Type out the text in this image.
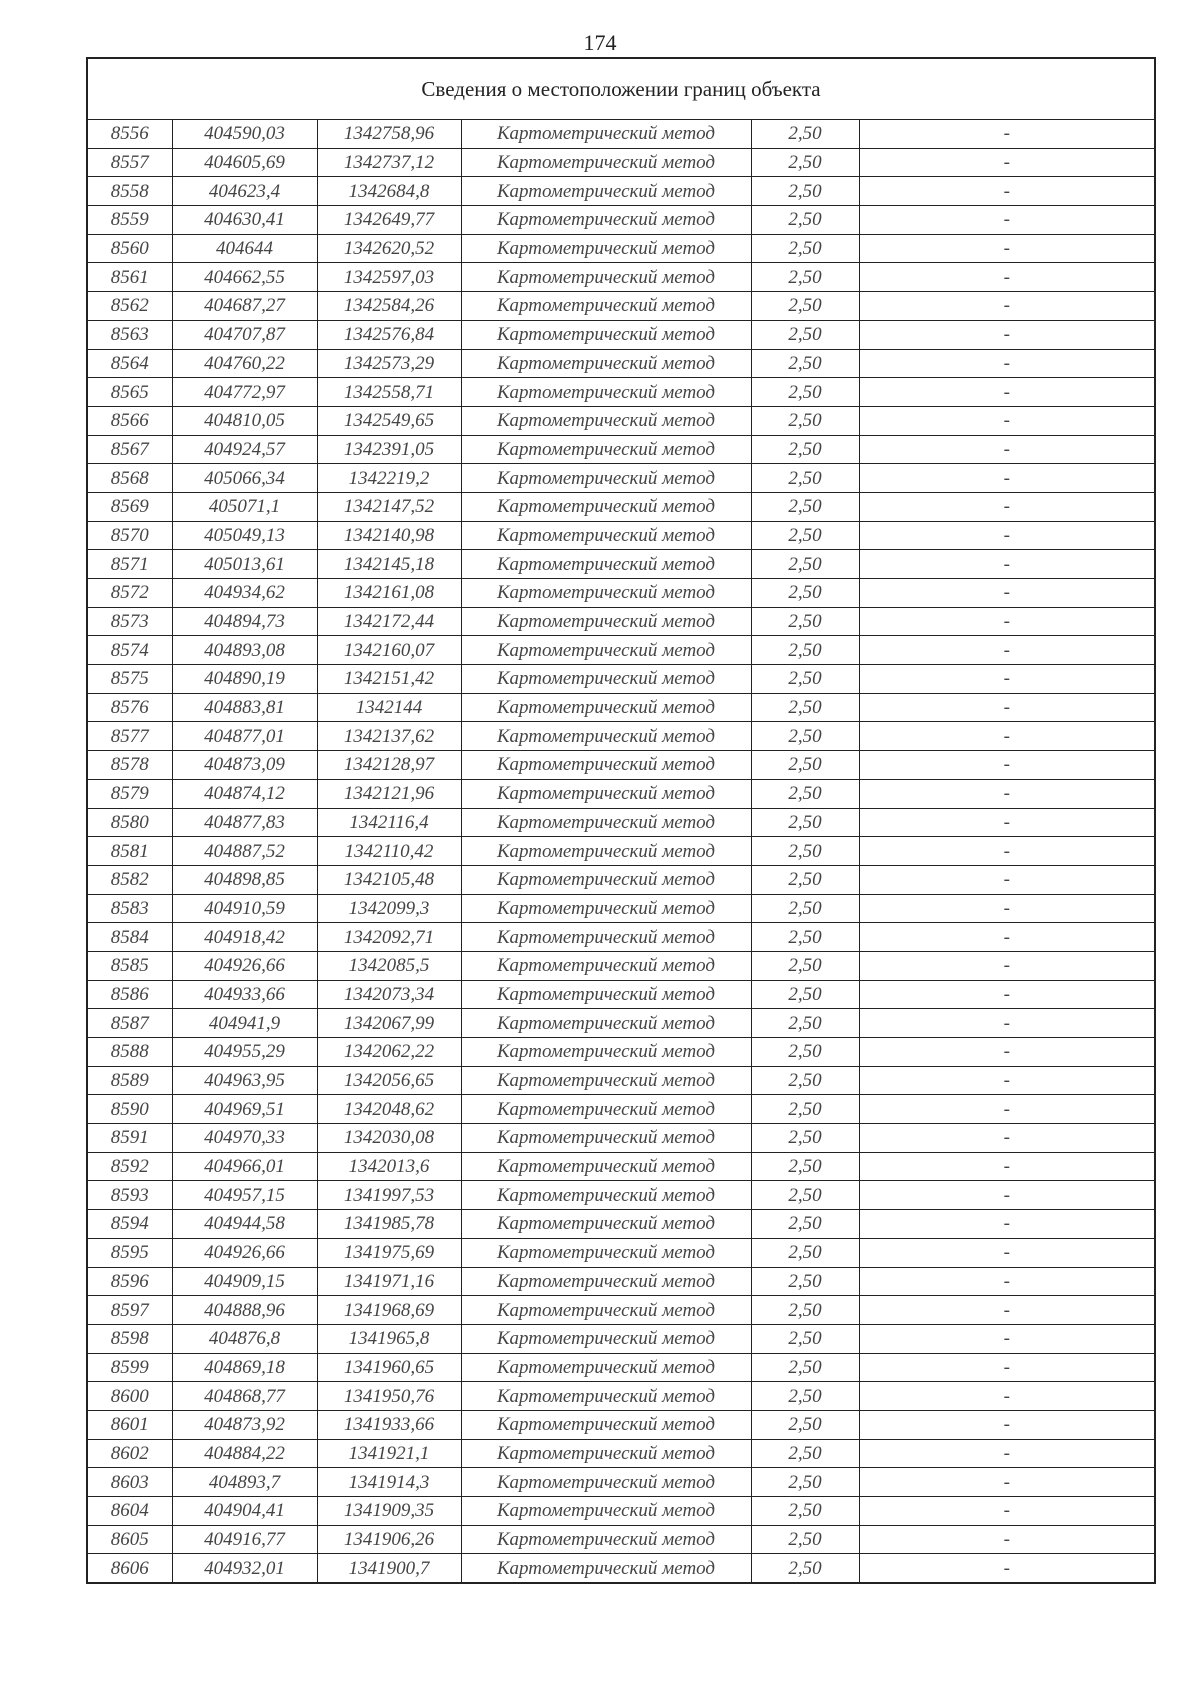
174
Сведения о местоположении границ объекта					
8556	404590,03	1342758,96	Картометрический метод	2,50	-
8557	404605,69	1342737,12	Картометрический метод	2,50	-
8558	404623,4	1342684,8	Картометрический метод	2,50	-
8559	404630,41	1342649,77	Картометрический метод	2,50	-
8560	404644	1342620,52	Картометрический метод	2,50	-
8561	404662,55	1342597,03	Картометрический метод	2,50	-
8562	404687,27	1342584,26	Картометрический метод	2,50	-
8563	404707,87	1342576,84	Картометрический метод	2,50	-
8564	404760,22	1342573,29	Картометрический метод	2,50	-
8565	404772,97	1342558,71	Картометрический метод	2,50	-
8566	404810,05	1342549,65	Картометрический метод	2,50	-
8567	404924,57	1342391,05	Картометрический метод	2,50	-
8568	405066,34	1342219,2	Картометрический метод	2,50	-
8569	405071,1	1342147,52	Картометрический метод	2,50	-
8570	405049,13	1342140,98	Картометрический метод	2,50	-
8571	405013,61	1342145,18	Картометрический метод	2,50	-
8572	404934,62	1342161,08	Картометрический метод	2,50	-
8573	404894,73	1342172,44	Картометрический метод	2,50	-
8574	404893,08	1342160,07	Картометрический метод	2,50	-
8575	404890,19	1342151,42	Картометрический метод	2,50	-
8576	404883,81	1342144	Картометрический метод	2,50	-
8577	404877,01	1342137,62	Картометрический метод	2,50	-
8578	404873,09	1342128,97	Картометрический метод	2,50	-
8579	404874,12	1342121,96	Картометрический метод	2,50	-
8580	404877,83	1342116,4	Картометрический метод	2,50	-
8581	404887,52	1342110,42	Картометрический метод	2,50	-
8582	404898,85	1342105,48	Картометрический метод	2,50	-
8583	404910,59	1342099,3	Картометрический метод	2,50	-
8584	404918,42	1342092,71	Картометрический метод	2,50	-
8585	404926,66	1342085,5	Картометрический метод	2,50	-
8586	404933,66	1342073,34	Картометрический метод	2,50	-
8587	404941,9	1342067,99	Картометрический метод	2,50	-
8588	404955,29	1342062,22	Картометрический метод	2,50	-
8589	404963,95	1342056,65	Картометрический метод	2,50	-
8590	404969,51	1342048,62	Картометрический метод	2,50	-
8591	404970,33	1342030,08	Картометрический метод	2,50	-
8592	404966,01	1342013,6	Картометрический метод	2,50	-
8593	404957,15	1341997,53	Картометрический метод	2,50	-
8594	404944,58	1341985,78	Картометрический метод	2,50	-
8595	404926,66	1341975,69	Картометрический метод	2,50	-
8596	404909,15	1341971,16	Картометрический метод	2,50	-
8597	404888,96	1341968,69	Картометрический метод	2,50	-
8598	404876,8	1341965,8	Картометрический метод	2,50	-
8599	404869,18	1341960,65	Картометрический метод	2,50	-
8600	404868,77	1341950,76	Картометрический метод	2,50	-
8601	404873,92	1341933,66	Картометрический метод	2,50	-
8602	404884,22	1341921,1	Картометрический метод	2,50	-
8603	404893,7	1341914,3	Картометрический метод	2,50	-
8604	404904,41	1341909,35	Картометрический метод	2,50	-
8605	404916,77	1341906,26	Картометрический метод	2,50	-
8606	404932,01	1341900,7	Картометрический метод	2,50	-
